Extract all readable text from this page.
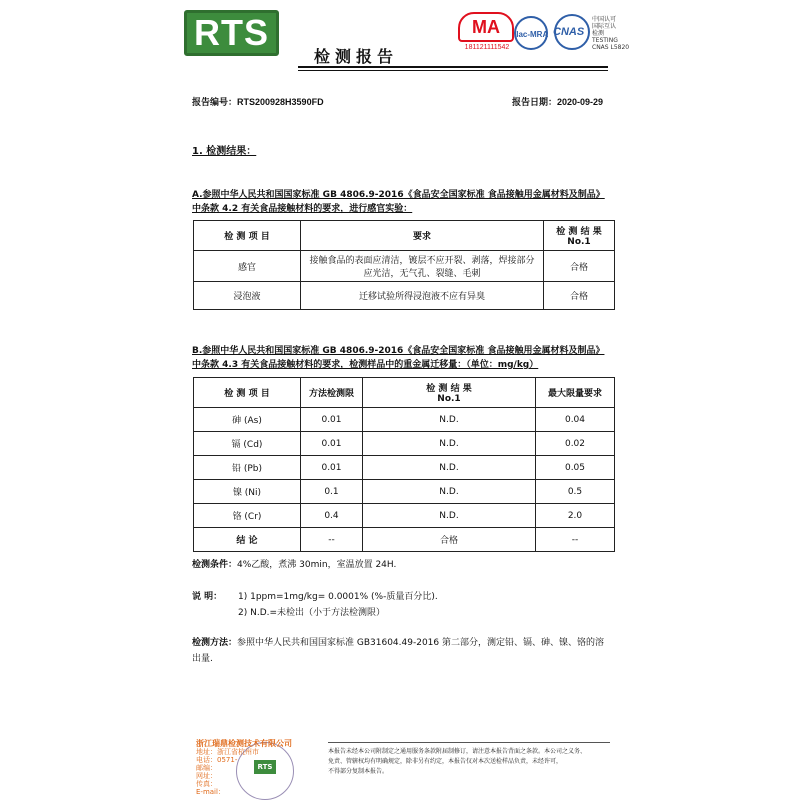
RTS
检测报告
MA
181121111542
ilac-MRA CNAS
中国认可
国际互认
检测
TESTING
CNAS L5820
报告编号：RTS200928H3590FD	报告日期：2020-09-29
1. 检测结果：
A.参照中华人民共和国国家标准 GB 4806.9-2016《食品安全国家标准 食品接触用金属材料及制品》
中条款 4.2 有关食品接触材料的要求，进行感官实验：
检 测 项 目	要求	检 测 结 果
No.1

感官	接触食品的表面应清洁，镀层不应开裂、剥落，焊接部分
应光洁，无气孔、裂缝、毛刺	合格
浸泡液	迁移试验所得浸泡液不应有异臭	合格
B.参照中华人民共和国国家标准 GB 4806.9-2016《食品安全国家标准 食品接触用金属材料及制品》
中条款 4.3 有关食品接触材料的要求，检测样品中的重金属迁移量：（单位：mg/kg）
检 测 项 目	方法检测限	检 测 结 果
No.1	最大限量要求
砷 (As)	0.01	N.D.	0.04
镉 (Cd)	0.01	N.D.	0.02
铅 (Pb)	0.01	N.D.	0.05
镍 (Ni)	0.1	N.D.	0.5
铬 (Cr)	0.4	N.D.	2.0
结 论	--	合格	--
检测条件：4%乙酸，煮沸 30min，室温放置 24H.
说 明： 1) 1ppm=1mg/kg= 0.0001% (%-质量百分比).
2) N.D.=未检出（小于方法检测限）
检测方法：参照中华人民共和国国家标准 GB31604.49-2016 第二部分，测定铅、镉、砷、镍、铬的溶
出量.
浙江瑞鼎检测技术有限公司
地址：浙江省杭州市
电话：0571-
邮编：
网址：
传真：
E-mail：
RTS
本报告未经本公司附制定之通用服务条款附届制修订，请注意本报告背面之条款。本公司之义务、
免责、管辖权均有明确规定，除非另有约定，本报告仅对本次送检样品负责，未经许可，
不得部分复制本报告。
